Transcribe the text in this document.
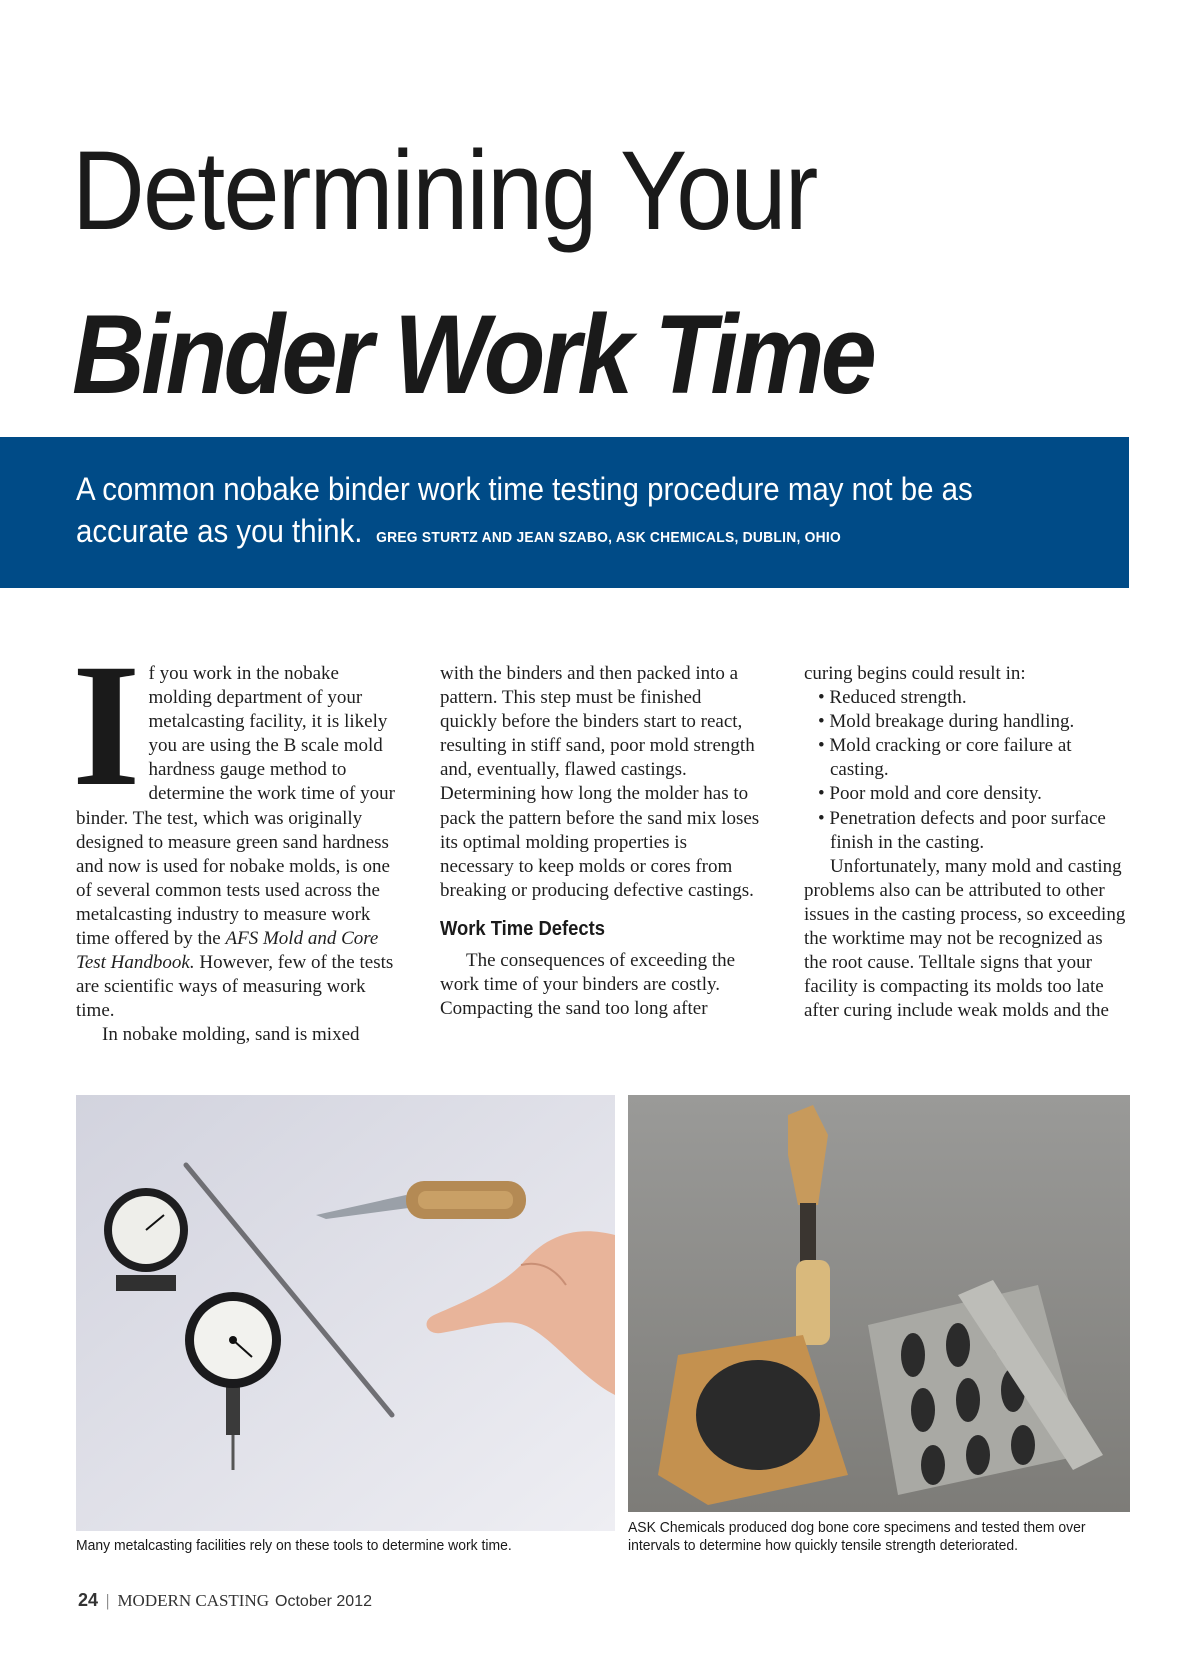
Determining Your
Binder Work Time
A common nobake binder work time testing procedure may not be as accurate as you think. GREG STURTZ AND JEAN SZABO, ASK CHEMICALS, DUBLIN, OHIO

I f you work in the nobake molding department of your metalcasting facility, it is likely you are using the B scale mold hardness gauge method to determine the work time of your binder. The test, which was originally designed to measure green sand hardness and now is used for nobake molds, is one of several common tests used across the metalcasting industry to measure work time offered by the AFS Mold and Core Test Handbook. However, few of the tests are scientific ways of measuring work time.

In nobake molding, sand is mixed

with the binders and then packed into a pattern. This step must be finished quickly before the binders start to react, resulting in stiff sand, poor mold strength and, eventually, flawed castings. Determining how long the molder has to pack the pattern before the sand mix loses its optimal molding properties is necessary to keep molds or cores from breaking or producing defective castings.

Work Time Defects

The consequences of exceeding the work time of your binders are costly. Compacting the sand too long after

curing begins could result in:

• Reduced strength.
• Mold breakage during handling.
• Mold cracking or core failure at casting.
• Poor mold and core density.
• Penetration defects and poor surface finish in the casting.

Unfortunately, many mold and casting problems also can be attributed to other issues in the casting process, so exceeding the worktime may not be recognized as the root cause. Telltale signs that your facility is compacting its molds too late after curing include weak molds and the

Many metalcasting facilities rely on these tools to determine work time.
ASK Chemicals produced dog bone core specimens and tested them over intervals to determine how quickly tensile strength deteriorated.
24 | MODERN CASTING October 2012
